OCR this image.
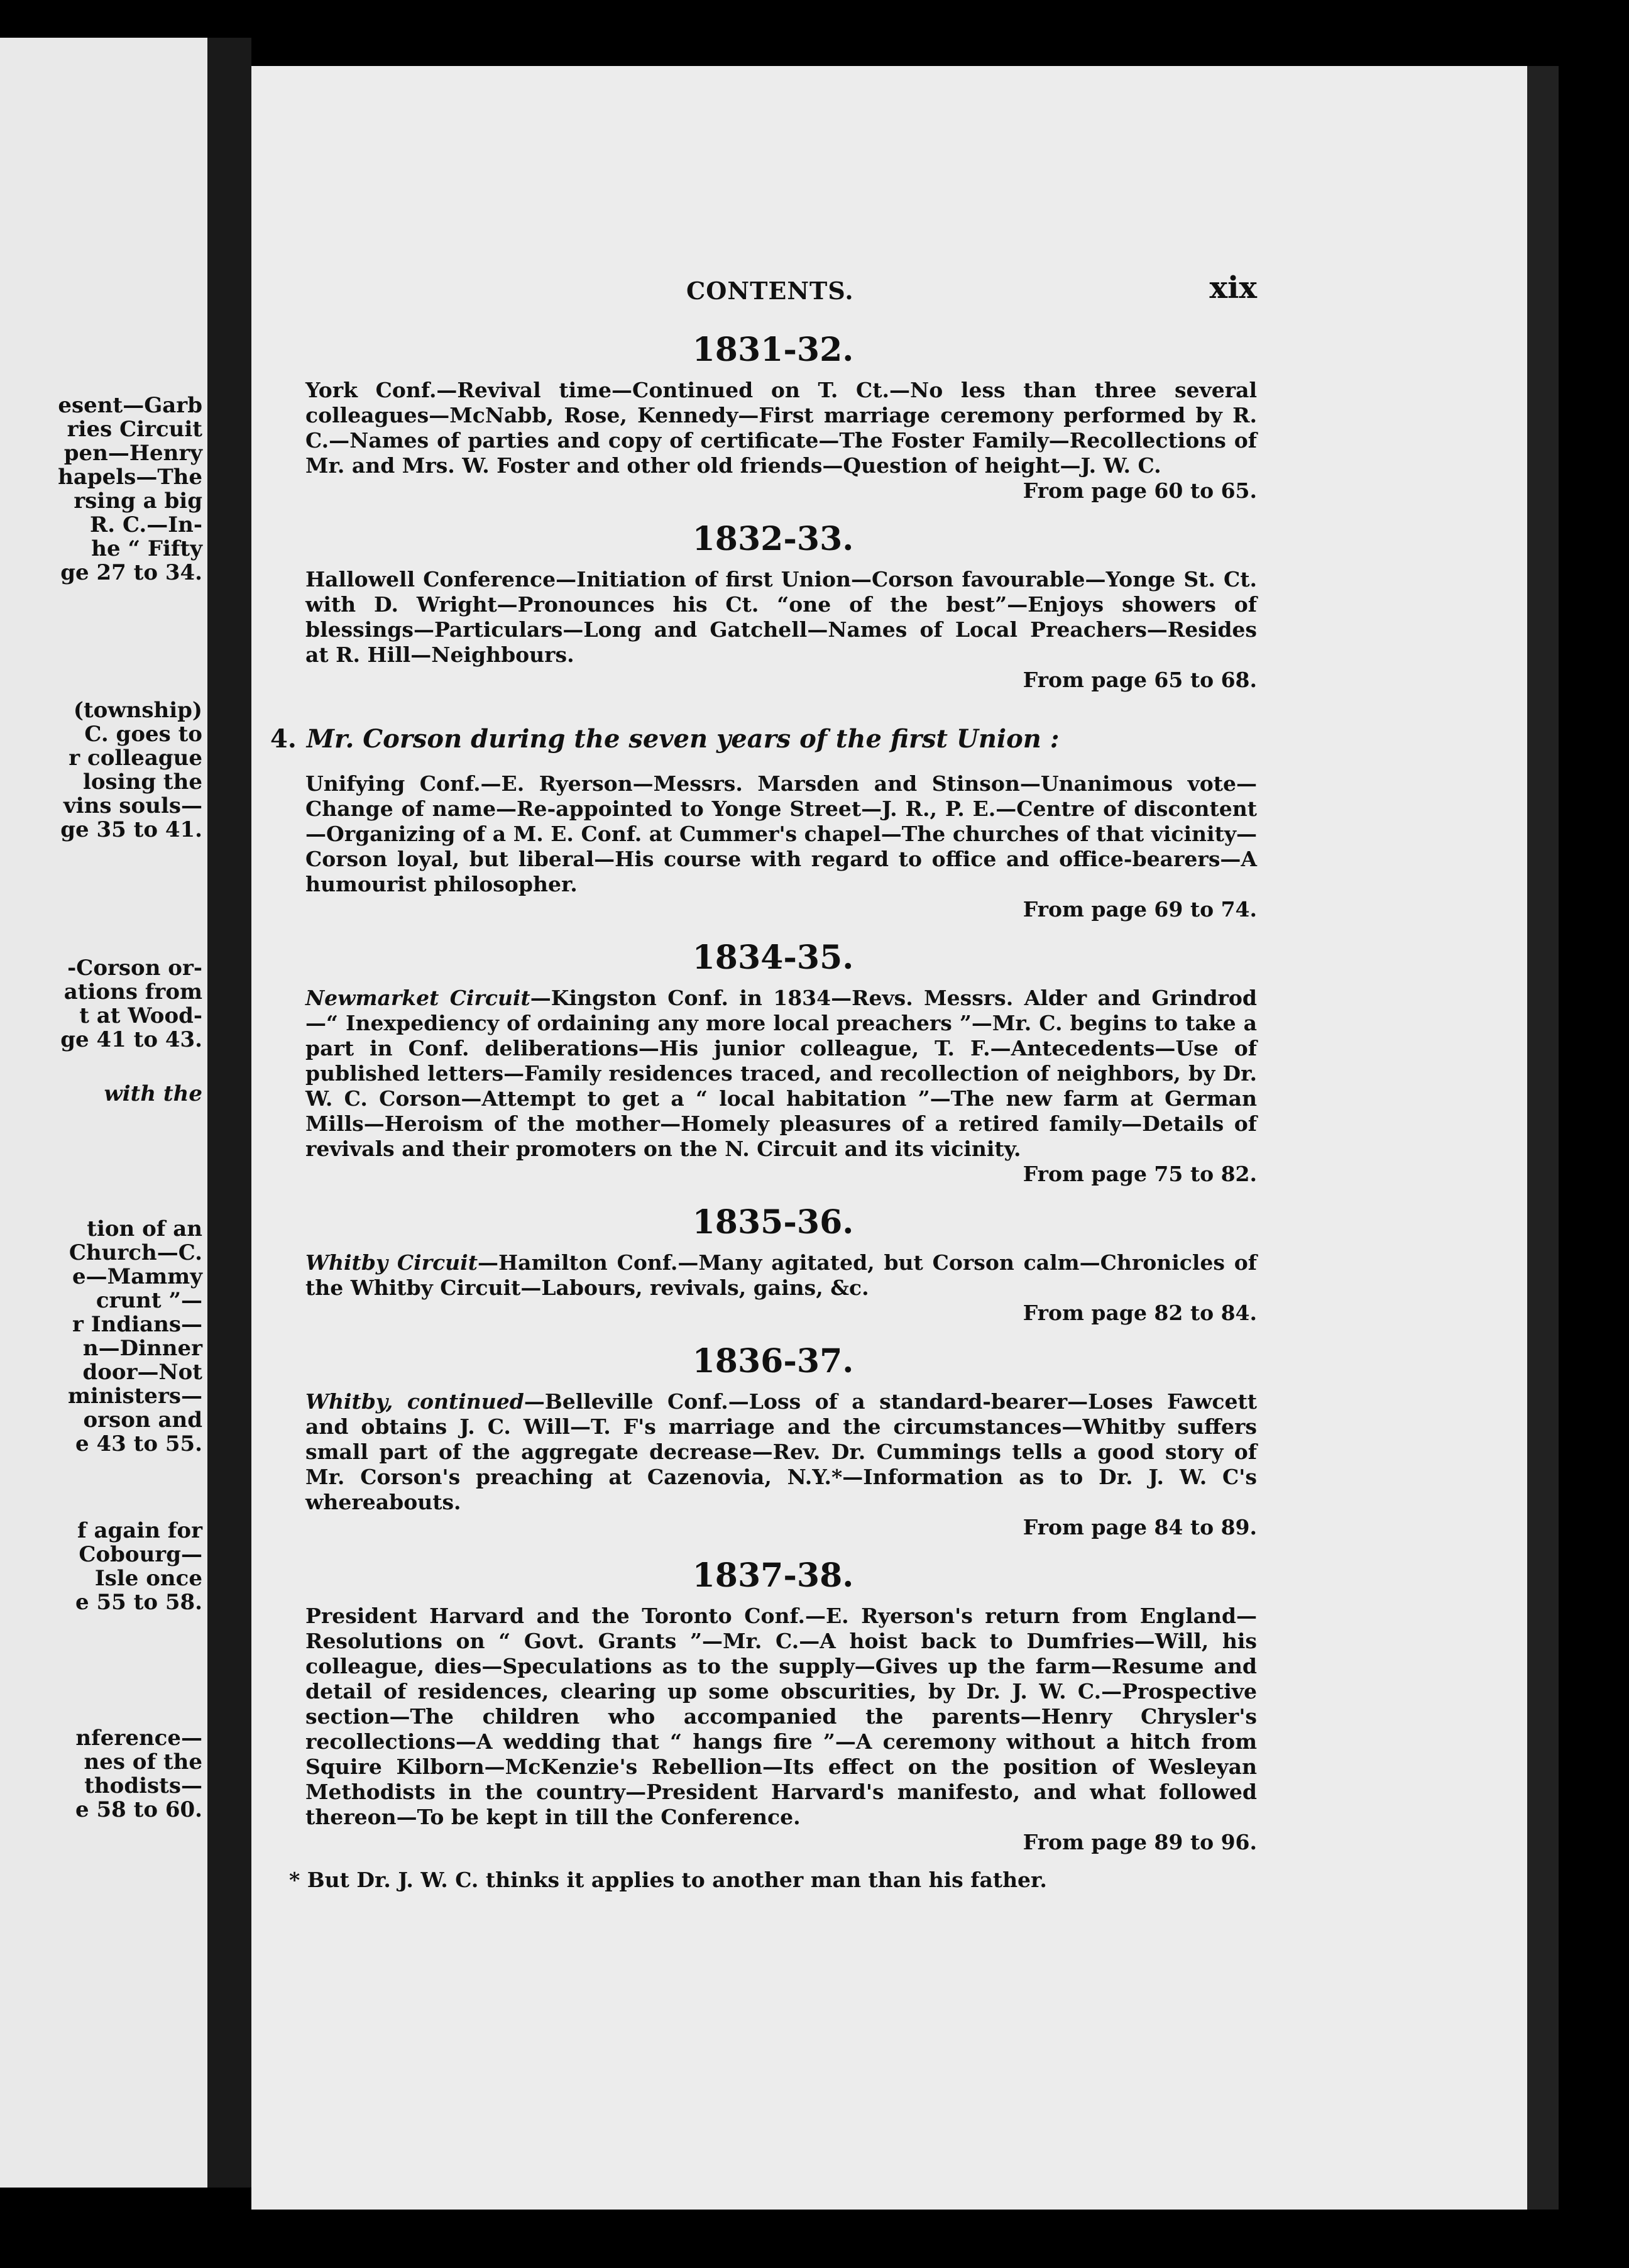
esent—Garb
ries Circuit
pen—Henry
hapels—The
rsing a big
R. C.—In-
he “ Fifty
ge 27 to 34.
(township)
C. goes to
r colleague
losing the
vins souls—
ge 35 to 41.
-Corson or-
ations from
t at Wood-
ge 41 to 43.
with the
tion of an
Church—C.
e—Mammy
crunt ”—
r Indians—
n—Dinner
door—Not
ministers—
orson and
e 43 to 55.
f again for
Cobourg—
Isle once
e 55 to 58.
nference—
nes of the
thodists—
e 58 to 60.
CONTENTS.	xix
1831-32.
York Conf.—Revival time—Continued on T. Ct.—No less than three several colleagues—McNabb, Rose, Kennedy—First marriage ceremony performed by R. C.—Names of parties and copy of certificate—The Foster Family—Recollections of Mr. and Mrs. W. Foster and other old friends—Question of height—J. W. C.
From page 60 to 65.
1832-33.
Hallowell Conference—Initiation of first Union—Corson favourable—Yonge St. Ct. with D. Wright—Pronounces his Ct. “one of the best”—Enjoys showers of blessings—Particulars—Long and Gatchell—Names of Local Preachers—Resides at R. Hill—Neighbours.
From page 65 to 68.
4. Mr. Corson during the seven years of the first Union :
Unifying Conf.—E. Ryerson—Messrs. Marsden and Stinson—Unanimous vote—Change of name—Re-appointed to Yonge Street—J. R., P. E.—Centre of discontent—Organizing of a M. E. Conf. at Cummer's chapel—The churches of that vicinity—Corson loyal, but liberal—His course with regard to office and office-bearers—A humourist philosopher.
From page 69 to 74.
1834-35.
Newmarket Circuit—Kingston Conf. in 1834—Revs. Messrs. Alder and Grindrod—“ Inexpediency of ordaining any more local preachers ”—Mr. C. begins to take a part in Conf. deliberations—His junior colleague, T. F.—Antecedents—Use of published letters—Family residences traced, and recollection of neighbors, by Dr. W. C. Corson—Attempt to get a “ local habitation ”—The new farm at German Mills—Heroism of the mother—Homely pleasures of a retired family—Details of revivals and their promoters on the N. Circuit and its vicinity.
From page 75 to 82.
1835-36.
Whitby Circuit—Hamilton Conf.—Many agitated, but Corson calm—Chronicles of the Whitby Circuit—Labours, revivals, gains, &c.
From page 82 to 84.
1836-37.
Whitby, continued—Belleville Conf.—Loss of a standard-bearer—Loses Fawcett and obtains J. C. Will—T. F's marriage and the circumstances—Whitby suffers small part of the aggregate decrease—Rev. Dr. Cummings tells a good story of Mr. Corson's preaching at Cazenovia, N.Y.*—Information as to Dr. J. W. C's whereabouts.
From page 84 to 89.
1837-38.
President Harvard and the Toronto Conf.—E. Ryerson's return from England—Resolutions on “ Govt. Grants ”—Mr. C.—A hoist back to Dumfries—Will, his colleague, dies—Speculations as to the supply—Gives up the farm—Resume and detail of residences, clearing up some obscurities, by Dr. J. W. C.—Prospective section—The children who accompanied the parents—Henry Chrysler's recollections—A wedding that “ hangs fire ”—A ceremony without a hitch from Squire Kilborn—McKenzie's Rebellion—Its effect on the position of Wesleyan Methodists in the country—President Harvard's manifesto, and what followed thereon—To be kept in till the Conference.
From page 89 to 96.
* But Dr. J. W. C. thinks it applies to another man than his father.
